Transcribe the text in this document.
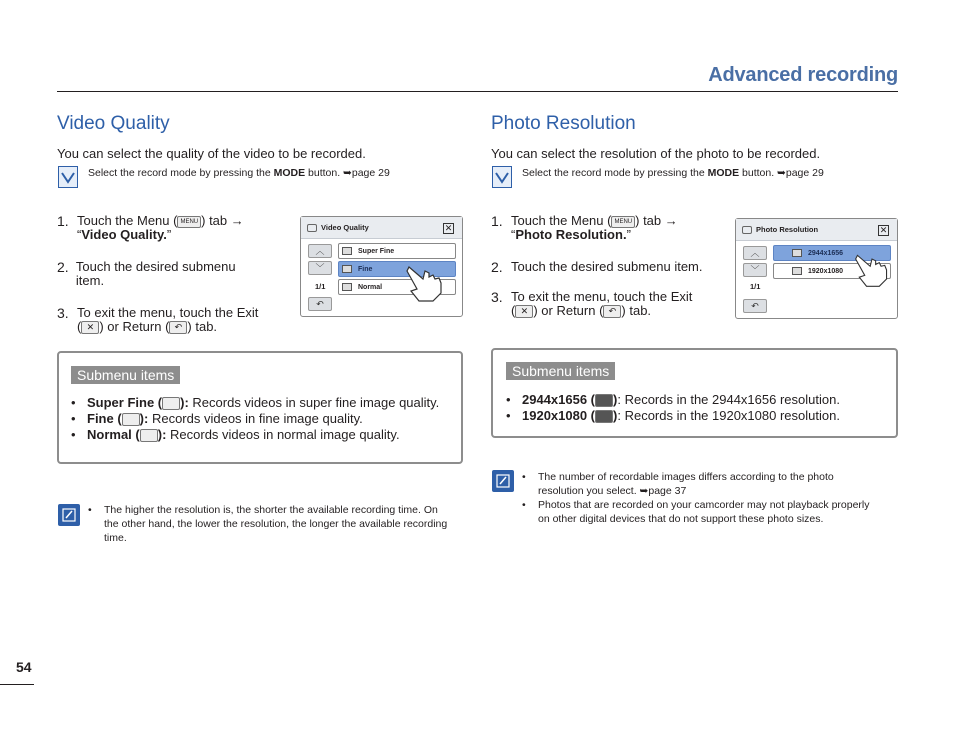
Advanced recording
Video Quality
You can select the quality of the video to be recorded.
Select the record mode by pressing the MODE button. ➥page 29
1. Touch the Menu ( MENU ) tab →
“Video Quality.”
2. Touch the desired submenu item.
3. To exit the menu, touch the Exit
( ✕ ) or Return ( ↶ ) tab.
Video Quality	✕
︿
﹀
1/1
↶
Super Fine
Fine
Normal
Submenu items
• Super Fine ( ): Records videos in super fine image quality.
• Fine ( ): Records videos in fine image quality.
• Normal ( ): Records videos in normal image quality.
•	The higher the resolution is, the shorter the available recording time. On the other hand, the lower the resolution, the longer the available recording time.
Photo Resolution
You can select the resolution of the photo to be recorded.
Select the record mode by pressing the MODE button. ➥page 29
1. Touch the Menu ( MENU ) tab →
“Photo Resolution.”
2. Touch the desired submenu item.
3. To exit the menu, touch the Exit
( ✕ ) or Return ( ↶ ) tab.
Photo Resolution	✕
︿
﹀
1/1
↶
2944x1656
1920x1080
Submenu items
• 2944x1656 ( ): Records in the 2944x1656 resolution.
• 1920x1080 ( ): Records in the 1920x1080 resolution.
•	The number of recordable images differs according to the photo resolution you select. ➥page 37
•	Photos that are recorded on your camcorder may not playback properly on other digital devices that do not support these photo sizes.
54
